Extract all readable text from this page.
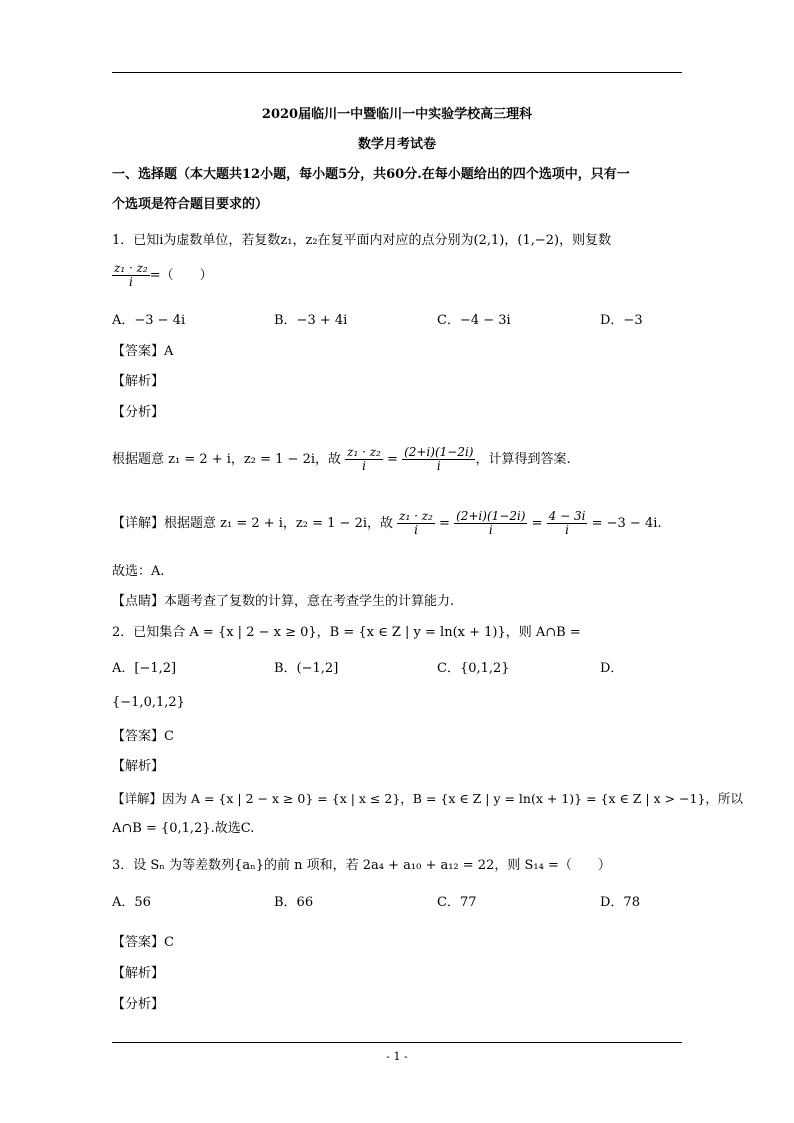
2020届临川一中暨临川一中实验学校高三理科
数学月考试卷
一、选择题（本大题共12小题，每小题5分，共60分.在每小题给出的四个选项中，只有一
个选项是符合题目要求的）
1．已知i为虚数单位，若复数z₁，z₂在复平面内对应的点分别为(2,1)，(1,−2)，则复数
$\frac{\text{z₁ · z₂}}{i}$ =（　　）
A．−3 − 4i	B．−3 + 4i	C．−4 − 3i	D．−3
【答案】A
【解析】
【分析】
根据题意 z₁ = 2 + i，z₂ = 1 − 2i，故 $\frac{\text{z₁ · z₂}}{i} = \frac{(2+i)(1-2i)}{i}$ ，计算得到答案.
【详解】根据题意 z₁ = 2 + i，z₂ = 1 − 2i，故 $\frac{\text{z₁ · z₂}}{i} = \frac{(2+i)(1-2i)}{i} = \frac{4 - 3i}{i} = -3 - 4i$.
故选：A.
【点睛】本题考查了复数的计算，意在考查学生的计算能力.
2．已知集合 A = {x | 2 − x ≥ 0}，B = {x ∈ Z | y = ln(x + 1)}，则 A∩B =
A．[−1,2]	B．(−1,2]	C．{0,1,2}	D．
{−1,0,1,2}
【答案】C
【解析】
【详解】因为 A = {x | 2 − x ≥ 0} = {x | x ≤ 2}，B = {x ∈ Z | y = ln(x + 1)} = {x ∈ Z | x > −1}，所以
A∩B = {0,1,2}.故选C.
3．设 Sₙ 为等差数列{aₙ}的前 n 项和，若 2a₄ + a₁₀ + a₁₂ = 22，则 S₁₄ =（　　）
A．56	B．66	C．77	D．78
【答案】C
【解析】
【分析】
- 1 -
